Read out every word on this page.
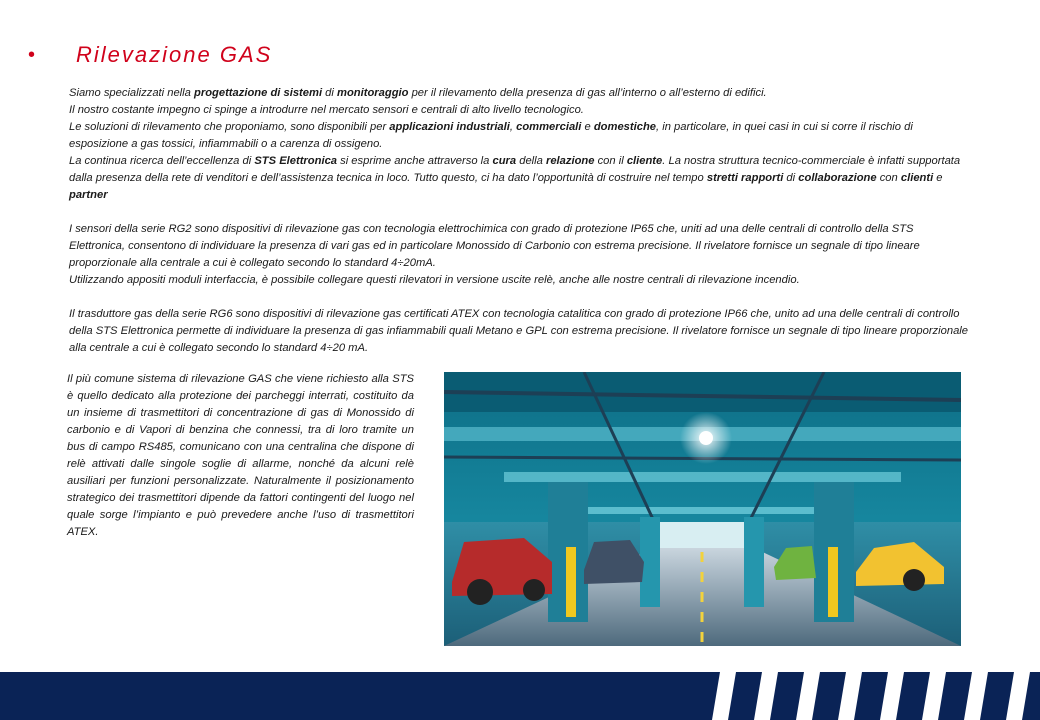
• Rilevazione GAS

Siamo specializzati nella progettazione di sistemi di monitoraggio per il rilevamento della presenza di gas all’interno o all’esterno di edifici.

Il nostro costante impegno ci spinge a introdurre nel mercato sensori e centrali di alto livello tecnologico.

Le soluzioni di rilevamento che proponiamo, sono disponibili per applicazioni industriali, commerciali e domestiche, in particolare, in quei casi in cui si corre il rischio di esposizione a gas tossici, infiammabili o a carenza di ossigeno.

La continua ricerca dell’eccellenza di STS Elettronica si esprime anche attraverso la cura della relazione con il cliente. La nostra struttura tecnico-commerciale è infatti supportata dalla presenza della rete di venditori e dell’assistenza tecnica in loco. Tutto questo, ci ha dato l’opportunità di costruire nel tempo stretti rapporti di collaborazione con clienti e partner

I sensori della serie RG2 sono dispositivi di rilevazione gas con tecnologia elettrochimica con grado di protezione IP65 che, uniti ad una delle centrali di controllo della STS Elettronica, consentono di individuare la presenza di vari gas ed in particolare Monossido di Carbonio con estrema precisione. Il rivelatore fornisce un segnale di tipo lineare proporzionale alla centrale a cui è collegato secondo lo standard 4÷20mA.

Utilizzando appositi moduli interfaccia, è possibile collegare questi rilevatori in versione uscite relè, anche alle nostre centrali di rilevazione incendio.

Il trasduttore gas della serie RG6 sono dispositivi di rilevazione gas certificati ATEX con tecnologia catalitica con grado di protezione IP66 che, unito ad una delle centrali di controllo della STS Elettronica permette di individuare la presenza di gas infiammabili quali Metano e GPL con estrema precisione. Il rivelatore fornisce un segnale di tipo lineare proporzionale alla centrale a cui è collegato secondo lo standard 4÷20 mA.

Il più comune sistema di rilevazione GAS che viene richiesto alla STS è quello dedicato alla protezione dei parcheggi interrati, costituito da un insieme di trasmettitori di concentrazione di gas di Monossido di carbonio e di Vapori di benzina che connessi, tra di loro tramite un bus di campo RS485, comunicano con una centralina che dispone di relè attivati dalle singole soglie di allarme, nonché da alcuni relè ausiliari per funzioni personalizzate. Naturalmente il posizionamento strategico dei trasmettitori dipende da fattori contingenti del luogo nel quale sorge l’impianto e può prevedere anche l’uso di trasmettitori ATEX.
